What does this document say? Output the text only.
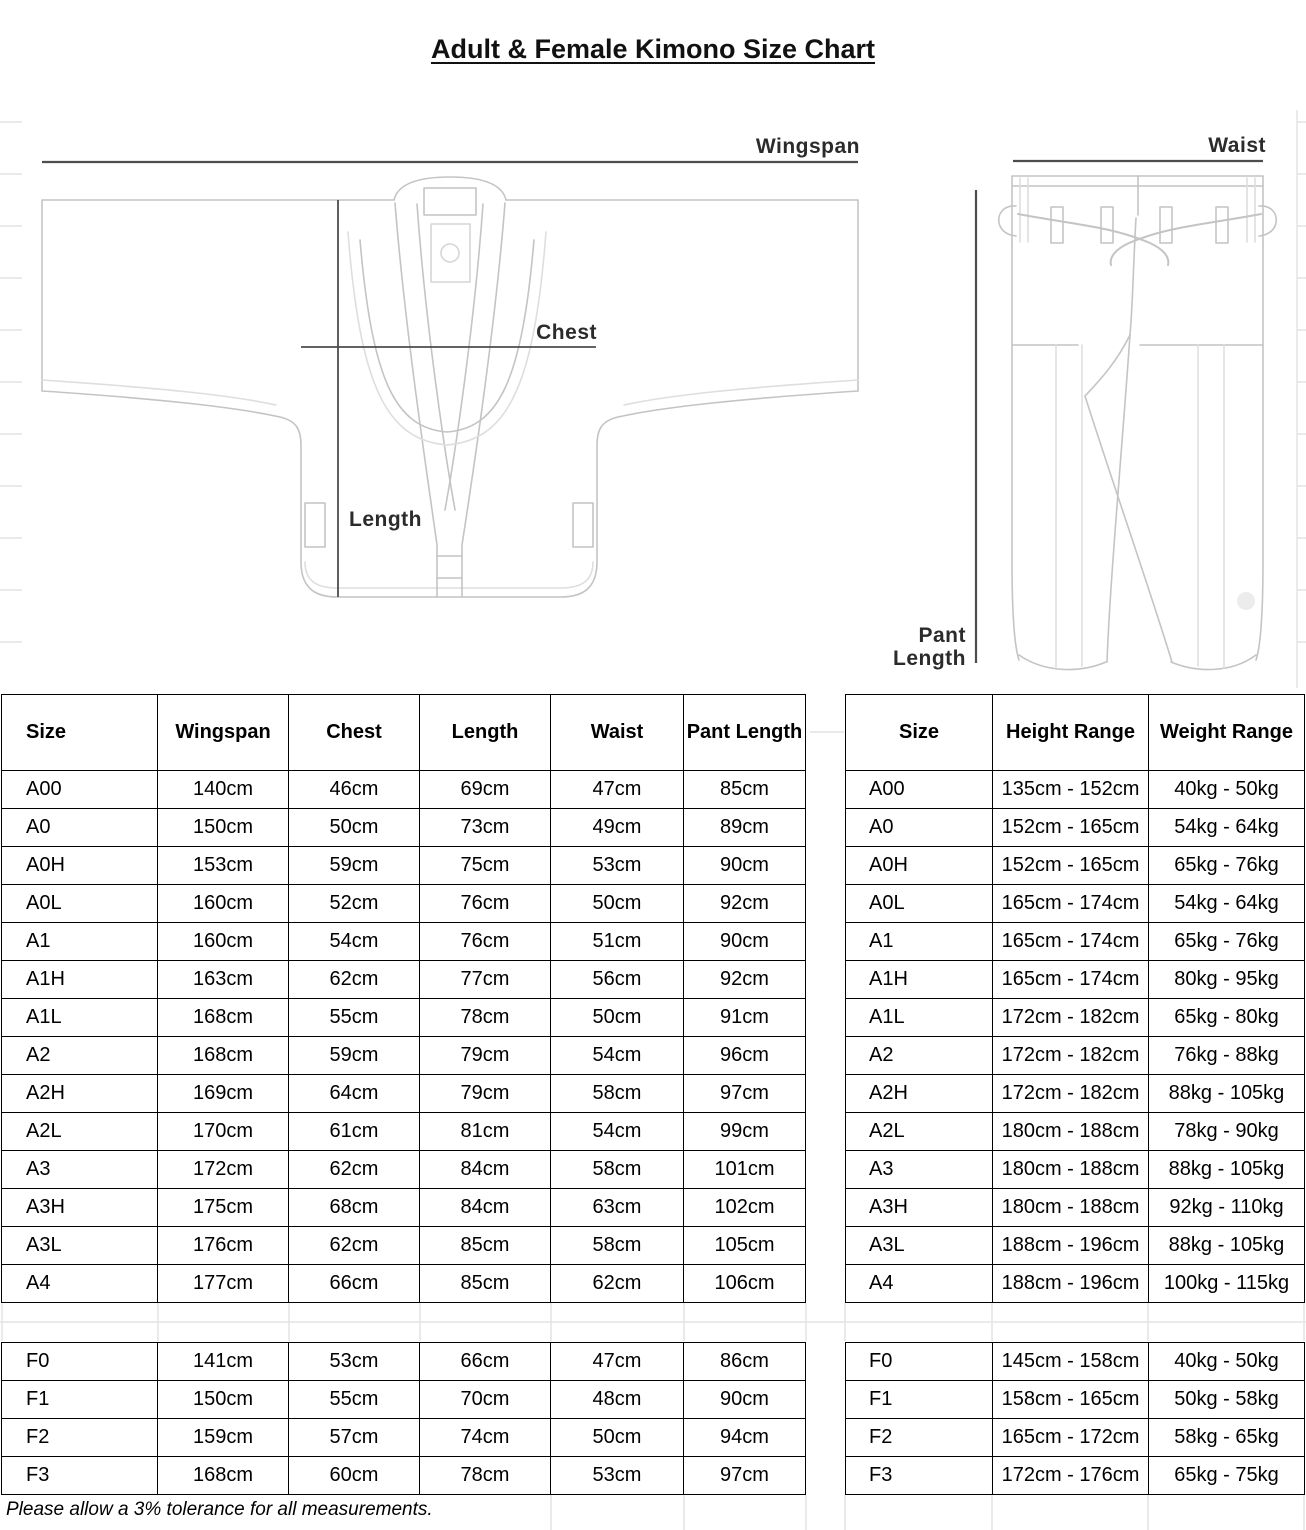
Wingspan
Chest
Length
Waist
Pant
Length
Adult & Female Kimono Size Chart
Size	Wingspan	Chest	Length	Waist	Pant Length
A00	140cm	46cm	69cm	47cm	85cm
A0	150cm	50cm	73cm	49cm	89cm
A0H	153cm	59cm	75cm	53cm	90cm
A0L	160cm	52cm	76cm	50cm	92cm
A1	160cm	54cm	76cm	51cm	90cm
A1H	163cm	62cm	77cm	56cm	92cm
A1L	168cm	55cm	78cm	50cm	91cm
A2	168cm	59cm	79cm	54cm	96cm
A2H	169cm	64cm	79cm	58cm	97cm
A2L	170cm	61cm	81cm	54cm	99cm
A3	172cm	62cm	84cm	58cm	101cm
A3H	175cm	68cm	84cm	63cm	102cm
A3L	176cm	62cm	85cm	58cm	105cm
A4	177cm	66cm	85cm	62cm	106cm
F0	141cm	53cm	66cm	47cm	86cm
F1	150cm	55cm	70cm	48cm	90cm
F2	159cm	57cm	74cm	50cm	94cm
F3	168cm	60cm	78cm	53cm	97cm
Size	Height Range	Weight Range
A00	135cm - 152cm	40kg - 50kg
A0	152cm - 165cm	54kg - 64kg
A0H	152cm - 165cm	65kg - 76kg
A0L	165cm - 174cm	54kg - 64kg
A1	165cm - 174cm	65kg - 76kg
A1H	165cm - 174cm	80kg - 95kg
A1L	172cm - 182cm	65kg - 80kg
A2	172cm - 182cm	76kg - 88kg
A2H	172cm - 182cm	88kg - 105kg
A2L	180cm - 188cm	78kg - 90kg
A3	180cm - 188cm	88kg - 105kg
A3H	180cm - 188cm	92kg - 110kg
A3L	188cm - 196cm	88kg - 105kg
A4	188cm - 196cm	100kg - 115kg
F0	145cm - 158cm	40kg - 50kg
F1	158cm - 165cm	50kg - 58kg
F2	165cm - 172cm	58kg - 65kg
F3	172cm - 176cm	65kg - 75kg
Please allow a 3% tolerance for all measurements.
